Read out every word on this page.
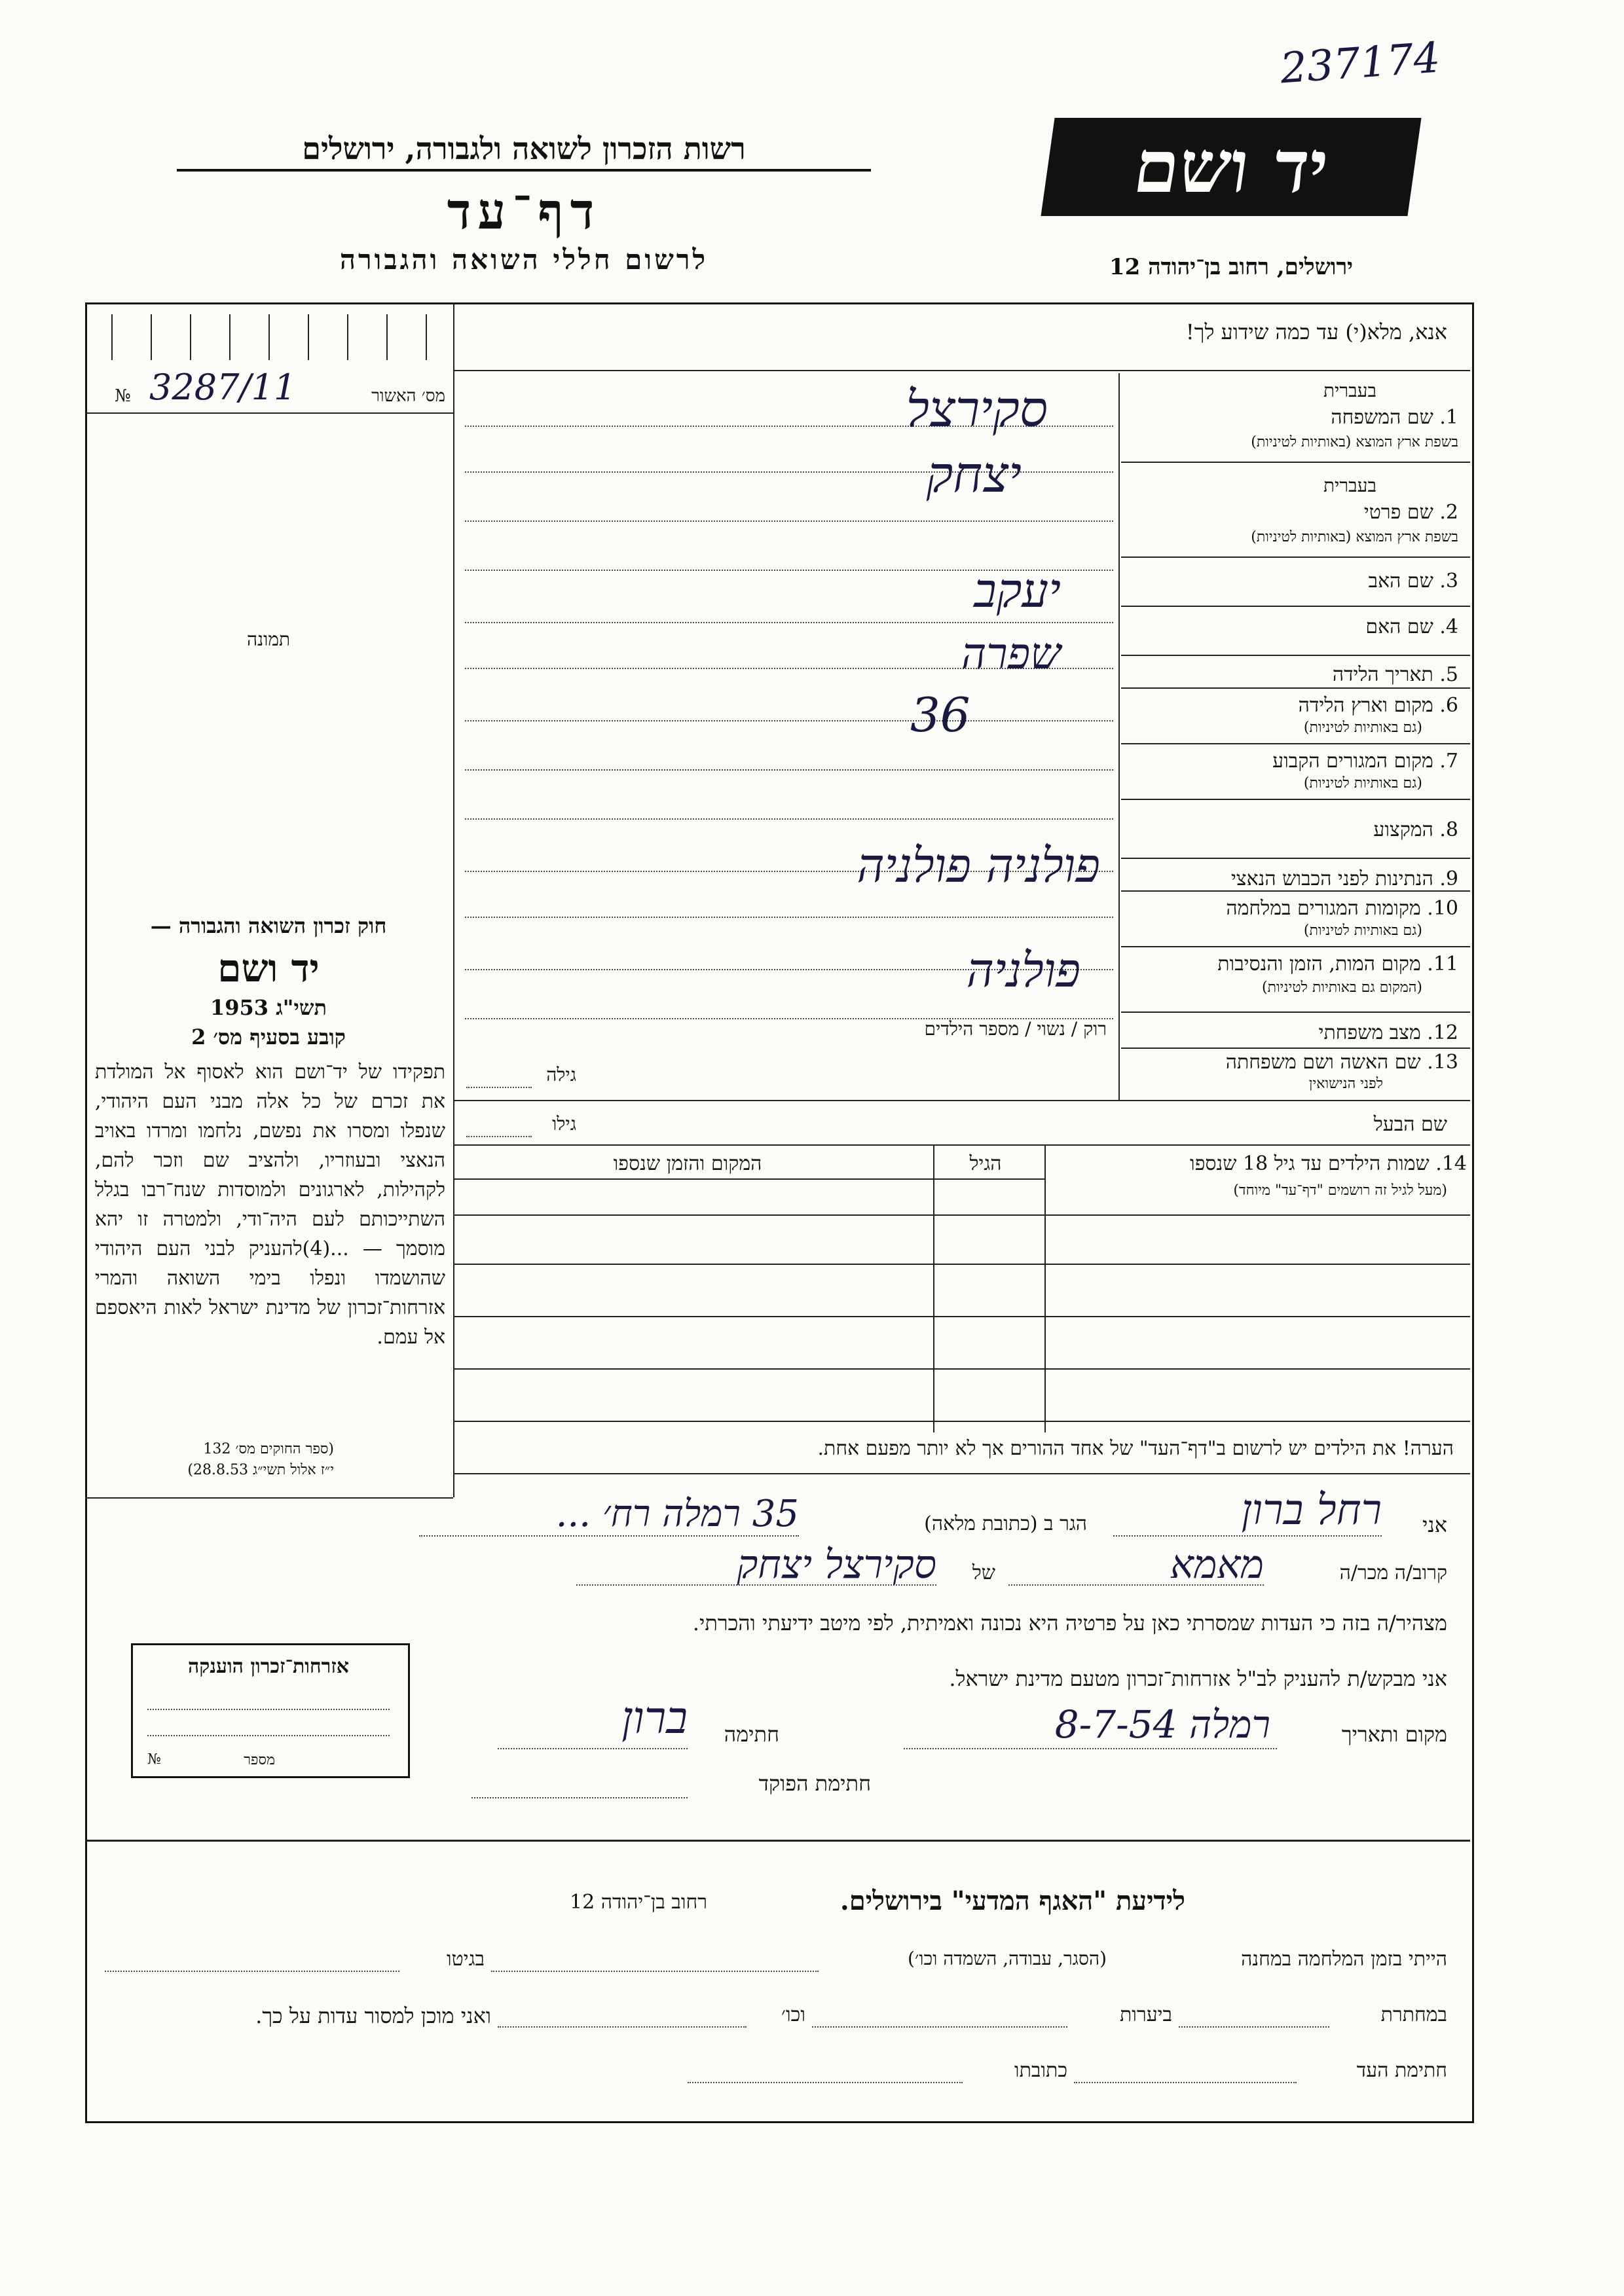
237174
רשות הזכרון לשואה ולגבורה, ירושלים
דף־עד
לרשום חללי השואה והגבורה
יד ושם
ירושלים, רחוב בן־יהודה 12
אנא, מלא(י) עד כמה שידוע לך!
№ 3287/11	מס׳ האשור
תמונה
סקירצל
יצחק
יעקב
שפרה
36
פולניה פולניה
פולניה
בעברית
1. שם המשפחה
בשפת ארץ המוצא (באותיות לטיניות)
בעברית
2. שם פרטי
בשפת ארץ המוצא (באותיות לטיניות)
3. שם האב
4. שם האם
5. תאריך הלידה
6. מקום וארץ הלידה
(גם באותיות לטיניות)
7. מקום המגורים הקבוע
(גם באותיות לטיניות)
8. המקצוע
9. הנתינות לפני הכבוש הנאצי
10. מקומות המגורים במלחמה
(גם באותיות לטיניות)
11. מקום המות, הזמן והנסיבות
(המקום גם באותיות לטיניות)
12. מצב משפחתי
13. שם האשה ושם משפחתה
לפני הנישואין
רוק / נשוי / מספר הילדים
גילה
שם הבעל
גילו
14. שמות הילדים עד גיל 18 שנספו
(מעל לגיל זה רושמים "דף־עד" מיוחד)
הגיל
המקום והזמן שנספו
הערה! את הילדים יש לרשום ב"דף־העד" של אחד ההורים אך לא יותר מפעם אחת.
חוק זכרון השואה והגבורה —
יד ושם
תשי"ג 1953
קובע בסעיף מס׳ 2
תפקידו של יד־ושם הוא לאסוף אל המולדת את זכרם של כל אלה מבני העם היהודי, שנפלו ומסרו את נפשם, נלחמו ומרדו באויב הנאצי ובעוזריו, ולהציב שם וזכר להם, לקהילות, לארגונים ולמוסדות שנח־רבו בגלל השתייכותם לעם היה־ודי, ולמטרה זו יהא מוסמך — ...(4)להעניק לבני העם היהודי שהושמדו ונפלו בימי השואה והמרי אזרחות־זכרון של מדינת ישראל לאות היאספם אל עמם.
(ספר החוקים מס׳ 132
י״ז אלול תשי״ג 28.8.53)
אני
רחל ברון
הגר ב (כתובת מלאה)
35 רמלה רח׳ ...
קרוב/ה מכר/ה
מאמא
של
סקירצל יצחק
מצהיר/ה בזה כי העדות שמסרתי כאן על פרטיה היא נכונה ואמיתית, לפי מיטב ידיעתי והכרתי.
אני מבקש/ת להעניק לב"ל אזרחות־זכרון מטעם מדינת ישראל.
מקום ותאריך
רמלה 8-7-54
חתימה
ברון
חתימת הפוקד
אזרחות־זכרון הוענקה
№	מספר
לידיעת "האגף המדעי" בירושלים.
רחוב בן־יהודה 12
הייתי בזמן המלחמה במחנה
(הסגר, עבודה, השמדה וכו׳)
בגיטו
במחתרת
ביערות
וכו׳
ואני מוכן למסור עדות על כך.
חתימת העד
כתובתו
